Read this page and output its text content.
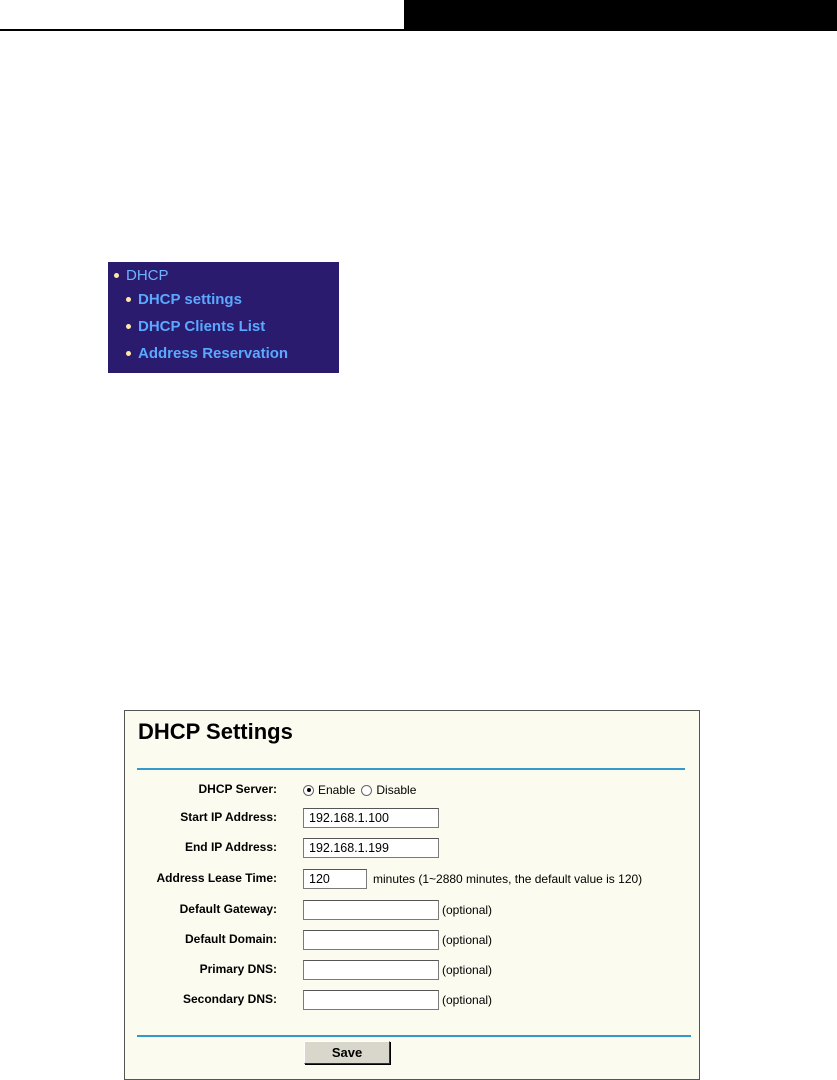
DHCP
DHCP settings
DHCP Clients List
Address Reservation
DHCP Settings
DHCP Server:	Enable Disable
Start IP Address:
192.168.1.100
End IP Address:
192.168.1.199
Address Lease Time:
120	minutes (1~2880 minutes, the default value is 120)
Default Gateway:	(optional)
Default Domain:	(optional)
Primary DNS:	(optional)
Secondary DNS:	(optional)
Save
